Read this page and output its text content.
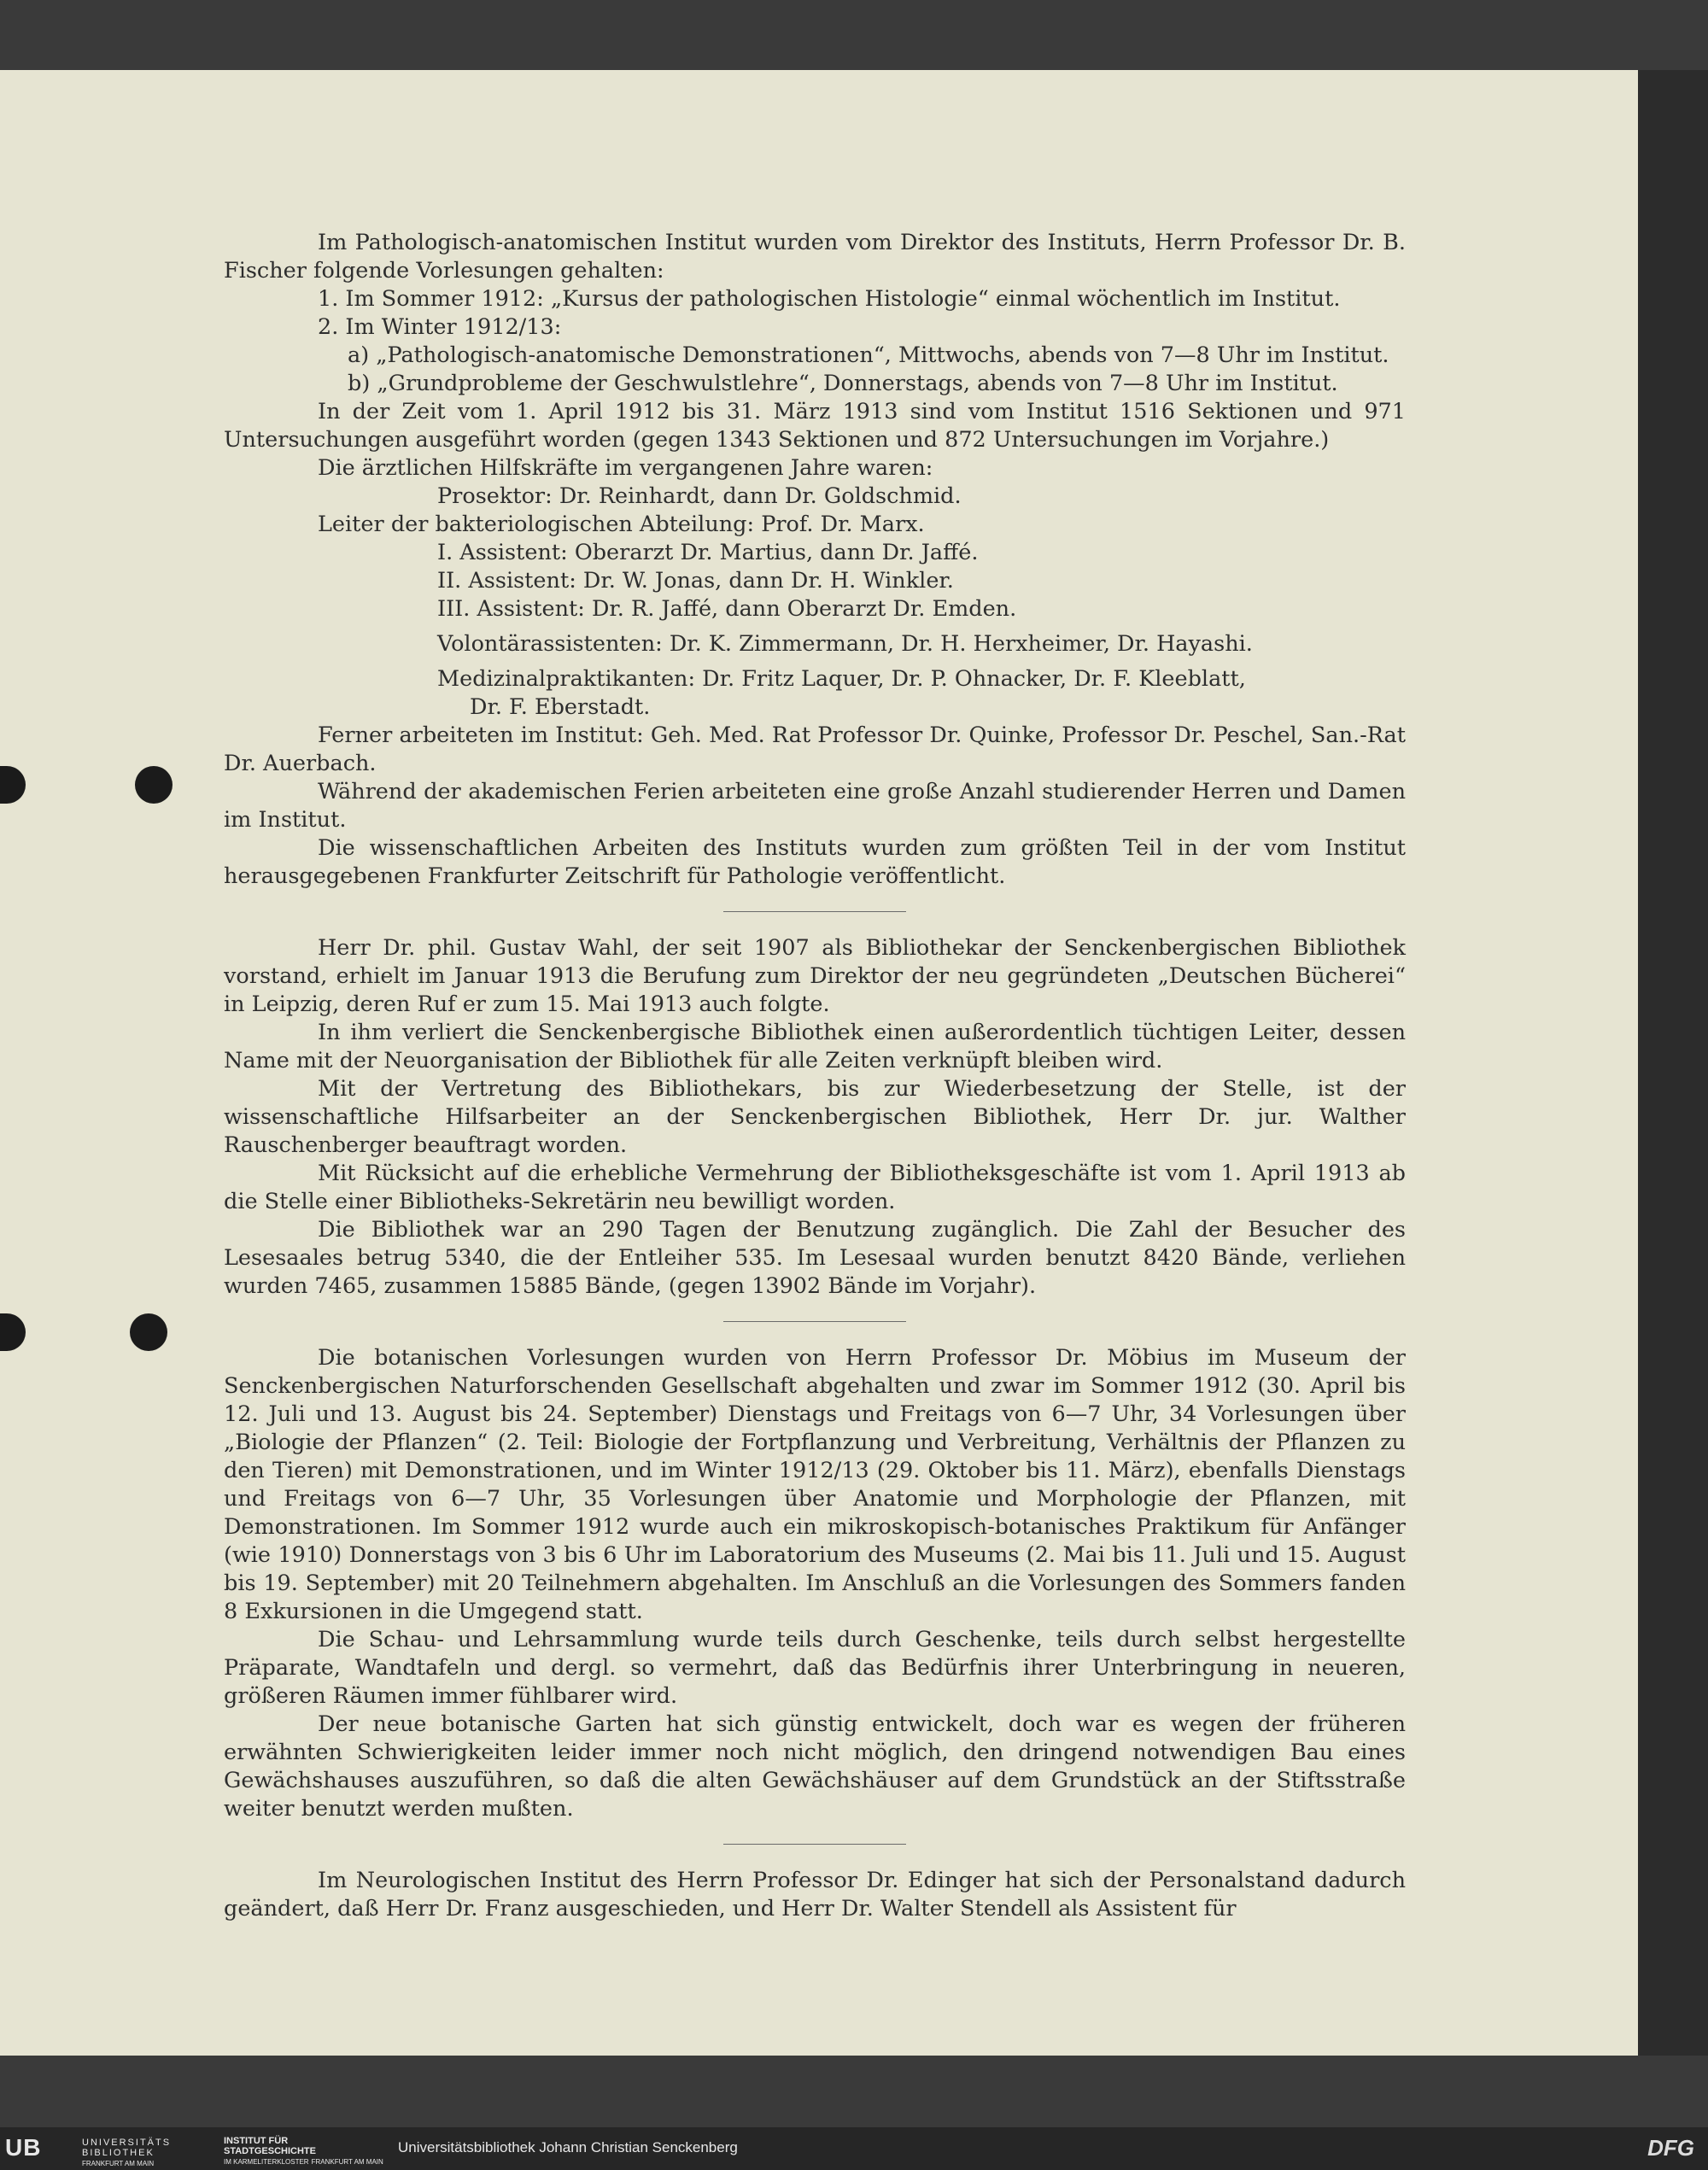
Im Pathologisch-anatomischen Institut wurden vom Direktor des Instituts, Herrn Professor Dr. B. Fischer folgende Vorlesungen gehalten:

1. Im Sommer 1912: „Kursus der pathologischen Histologie“ einmal wöchentlich im Institut.

2. Im Winter 1912/13:

a) „Pathologisch-anatomische Demonstrationen“, Mittwochs, abends von 7—8 Uhr im Institut.

b) „Grundprobleme der Geschwulstlehre“, Donnerstags, abends von 7—8 Uhr im Institut.

In der Zeit vom 1. April 1912 bis 31. März 1913 sind vom Institut 1516 Sektionen und 971 Untersuchungen ausgeführt worden (gegen 1343 Sektionen und 872 Untersuchungen im Vorjahre.)

Die ärztlichen Hilfskräfte im vergangenen Jahre waren:

Prosektor: Dr. Reinhardt, dann Dr. Goldschmid.

Leiter der bakteriologischen Abteilung: Prof. Dr. Marx.

I. Assistent: Oberarzt Dr. Martius, dann Dr. Jaffé.

II. Assistent: Dr. W. Jonas, dann Dr. H. Winkler.

III. Assistent: Dr. R. Jaffé, dann Oberarzt Dr. Emden.

Volontärassistenten: Dr. K. Zimmermann, Dr. H. Herxheimer, Dr. Hayashi.

Medizinalpraktikanten: Dr. Fritz Laquer, Dr. P. Ohnacker, Dr. F. Kleeblatt,

Dr. F. Eberstadt.

Ferner arbeiteten im Institut: Geh. Med. Rat Professor Dr. Quinke, Professor Dr. Peschel, San.-Rat Dr. Auerbach.

Während der akademischen Ferien arbeiteten eine große Anzahl studierender Herren und Damen im Institut.

Die wissenschaftlichen Arbeiten des Instituts wurden zum größten Teil in der vom Institut herausgegebenen Frankfurter Zeitschrift für Pathologie veröffentlicht.

Herr Dr. phil. Gustav Wahl, der seit 1907 als Bibliothekar der Senckenbergischen Bibliothek vorstand, erhielt im Januar 1913 die Berufung zum Direktor der neu gegründeten „Deutschen Bücherei“ in Leipzig, deren Ruf er zum 15. Mai 1913 auch folgte.

In ihm verliert die Senckenbergische Bibliothek einen außerordentlich tüchtigen Leiter, dessen Name mit der Neuorganisation der Bibliothek für alle Zeiten verknüpft bleiben wird.

Mit der Vertretung des Bibliothekars, bis zur Wiederbesetzung der Stelle, ist der wissenschaftliche Hilfsarbeiter an der Senckenbergischen Bibliothek, Herr Dr. jur. Walther Rauschenberger beauftragt worden.

Mit Rücksicht auf die erhebliche Vermehrung der Bibliotheksgeschäfte ist vom 1. April 1913 ab die Stelle einer Bibliotheks-Sekretärin neu bewilligt worden.

Die Bibliothek war an 290 Tagen der Benutzung zugänglich. Die Zahl der Besucher des Lesesaales betrug 5340, die der Entleiher 535. Im Lesesaal wurden benutzt 8420 Bände, verliehen wurden 7465, zusammen 15885 Bände, (gegen 13902 Bände im Vorjahr).

Die botanischen Vorlesungen wurden von Herrn Professor Dr. Möbius im Museum der Senckenbergischen Naturforschenden Gesellschaft abgehalten und zwar im Sommer 1912 (30. April bis 12. Juli und 13. August bis 24. September) Dienstags und Freitags von 6—7 Uhr, 34 Vorlesungen über „Biologie der Pflanzen“ (2. Teil: Biologie der Fortpflanzung und Verbreitung, Verhältnis der Pflanzen zu den Tieren) mit Demonstrationen, und im Winter 1912/13 (29. Oktober bis 11. März), ebenfalls Dienstags und Freitags von 6—7 Uhr, 35 Vorlesungen über Anatomie und Morphologie der Pflanzen, mit Demonstrationen. Im Sommer 1912 wurde auch ein mikroskopisch-botanisches Praktikum für Anfänger (wie 1910) Donnerstags von 3 bis 6 Uhr im Laboratorium des Museums (2. Mai bis 11. Juli und 15. August bis 19. September) mit 20 Teilnehmern abgehalten. Im Anschluß an die Vorlesungen des Sommers fanden 8 Exkursionen in die Umgegend statt.

Die Schau- und Lehrsammlung wurde teils durch Geschenke, teils durch selbst hergestellte Präparate, Wandtafeln und dergl. so vermehrt, daß das Bedürfnis ihrer Unterbringung in neueren, größeren Räumen immer fühlbarer wird.

Der neue botanische Garten hat sich günstig entwickelt, doch war es wegen der früheren erwähnten Schwierigkeiten leider immer noch nicht möglich, den dringend notwendigen Bau eines Gewächshauses auszuführen, so daß die alten Gewächshäuser auf dem Grundstück an der Stiftsstraße weiter benutzt werden mußten.

Im Neurologischen Institut des Herrn Professor Dr. Edinger hat sich der Personalstand dadurch geändert, daß Herr Dr. Franz ausgeschieden, und Herr Dr. Walter Stendell als Assistent für

UB	UNIVERSITÄTS
BIBLIOTHEK
FRANKFURT AM MAIN
INSTITUT FÜR
STADTGESCHICHTE
IM KARMELITERKLOSTER FRANKFURT AM MAIN
Universitätsbibliothek Johann Christian Senckenberg	DFG
